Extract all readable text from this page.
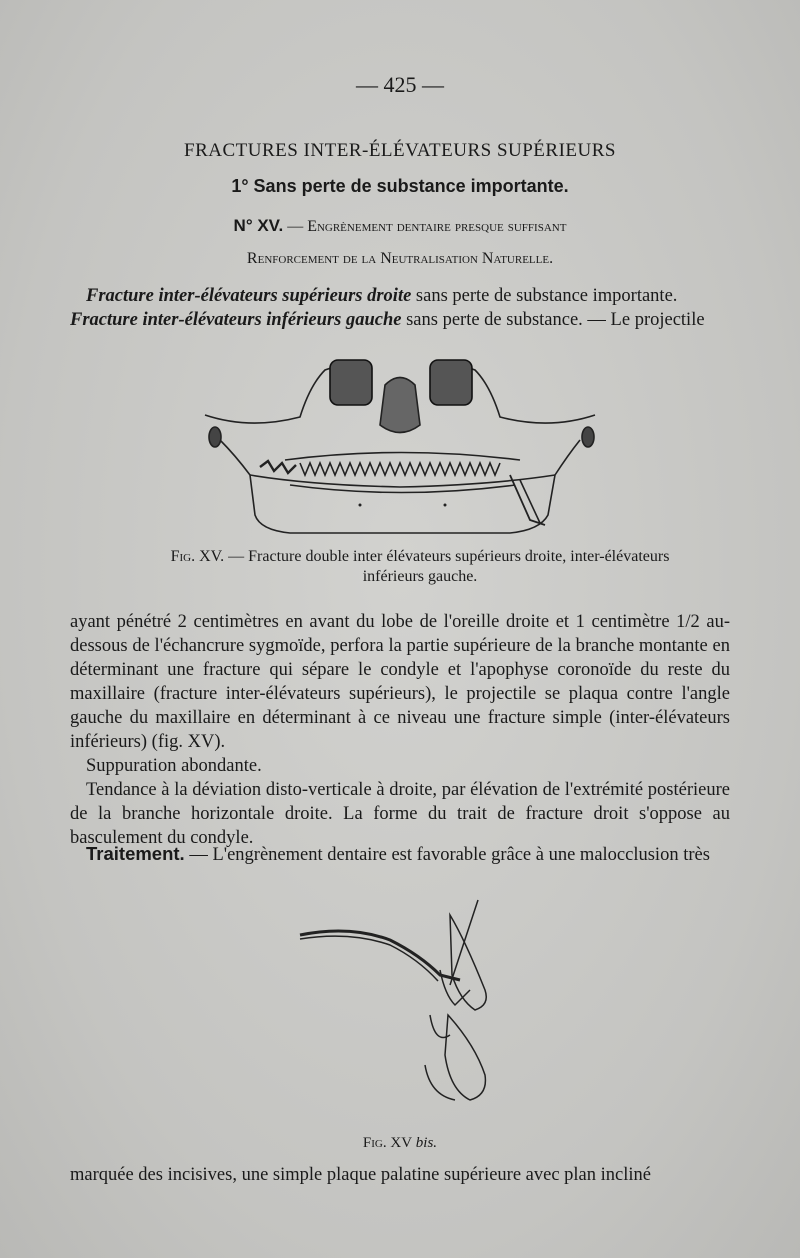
— 425 —
FRACTURES INTER-ÉLÉVATEURS SUPÉRIEURS
1° Sans perte de substance importante.
N° XV. — Engrènement dentaire presque suffisant
Renforcement de la Neutralisation Naturelle.
Fracture inter-élévateurs supérieurs droite sans perte de substance importante.
Fracture inter-élévateurs inférieurs gauche sans perte de substance. — Le projectile
Fig. XV. — Fracture double inter élévateurs supérieurs droite, inter-élévateurs inférieurs gauche.
ayant pénétré 2 centimètres en avant du lobe de l'oreille droite et 1 centimètre 1/2 au-dessous de l'échancrure sygmoïde, perfora la partie supérieure de la branche montante en déterminant une fracture qui sépare le condyle et l'apophyse coronoïde du reste du maxillaire (fracture inter-élévateurs supérieurs), le projectile se plaqua contre l'angle gauche du maxillaire en déterminant à ce niveau une fracture simple (inter-élévateurs inférieurs) (fig. XV).
Suppuration abondante.
Tendance à la déviation disto-verticale à droite, par élévation de l'extrémité postérieure de la branche horizontale droite. La forme du trait de fracture droit s'oppose au basculement du condyle.
Traitement. — L'engrènement dentaire est favorable grâce à une malocclusion très
Fig. XV bis.
marquée des incisives, une simple plaque palatine supérieure avec plan incliné
